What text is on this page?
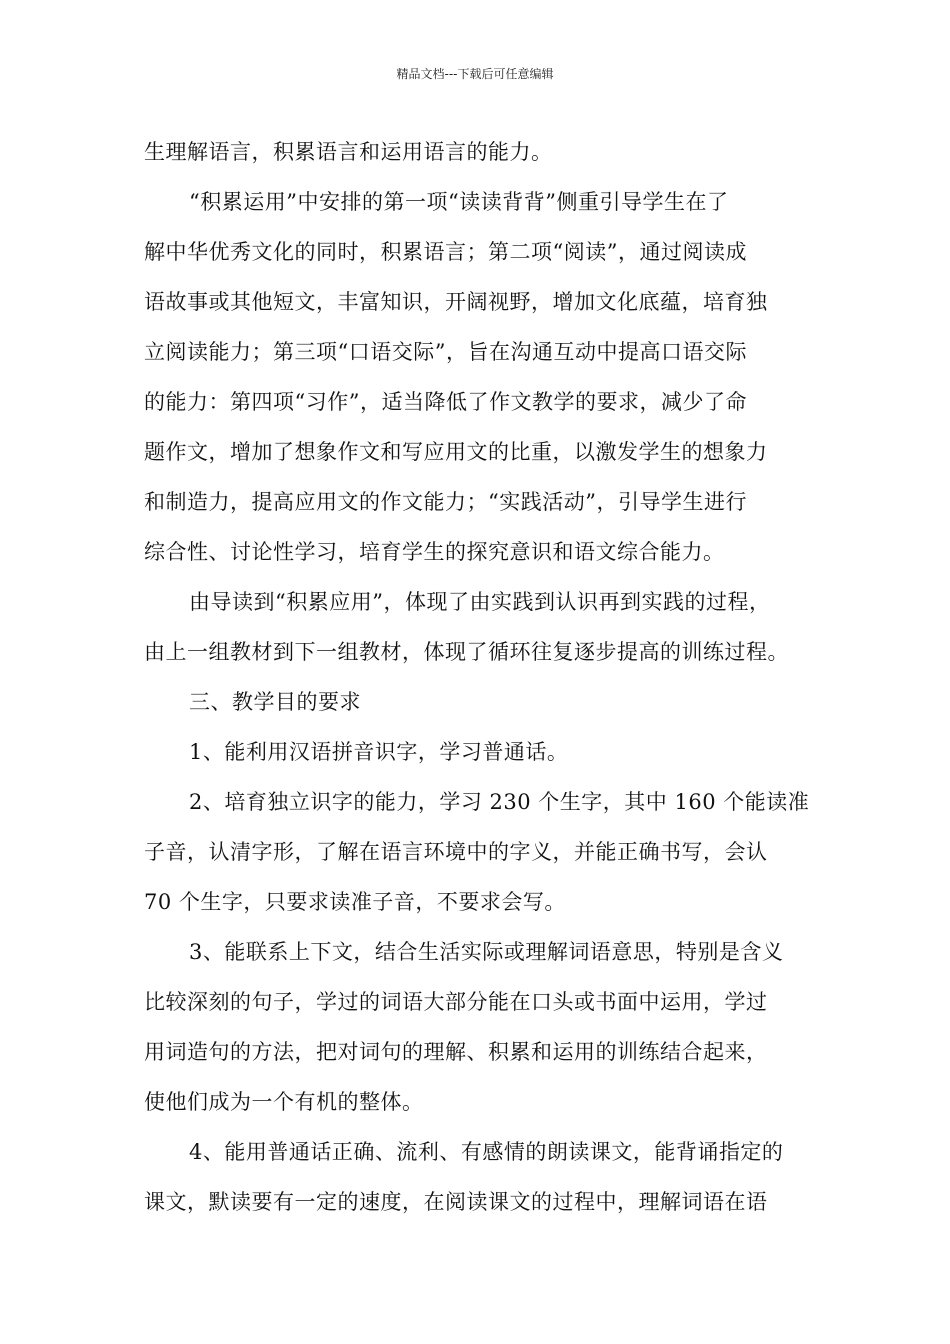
精品文档---下载后可任意编辑
生理解语言，积累语言和运用语言的能力。
“积累运用”中安排的第一项“读读背背”侧重引导学生在了
解中华优秀文化的同时，积累语言；第二项“阅读”，通过阅读成
语故事或其他短文，丰富知识，开阔视野，增加文化底蕴，培育独
立阅读能力；第三项“口语交际”，旨在沟通互动中提高口语交际
的能力：第四项“习作”，适当降低了作文教学的要求，减少了命
题作文，增加了想象作文和写应用文的比重，以激发学生的想象力
和制造力，提高应用文的作文能力；“实践活动”，引导学生进行
综合性、讨论性学习，培育学生的探究意识和语文综合能力。
由导读到“积累应用”，体现了由实践到认识再到实践的过程，
由上一组教材到下一组教材，体现了循环往复逐步提高的训练过程。
三、教学目的要求
1、能利用汉语拼音识字，学习普通话。
2、培育独立识字的能力，学习 230 个生字，其中 160 个能读准
子音，认清字形，了解在语言环境中的字义，并能正确书写，会认
70 个生字，只要求读准子音，不要求会写。
3、能联系上下文，结合生活实际或理解词语意思，特别是含义
比较深刻的句子，学过的词语大部分能在口头或书面中运用，学过
用词造句的方法，把对词句的理解、积累和运用的训练结合起来，
使他们成为一个有机的整体。
4、能用普通话正确、流利、有感情的朗读课文，能背诵指定的
课文，默读要有一定的速度，在阅读课文的过程中，理解词语在语
